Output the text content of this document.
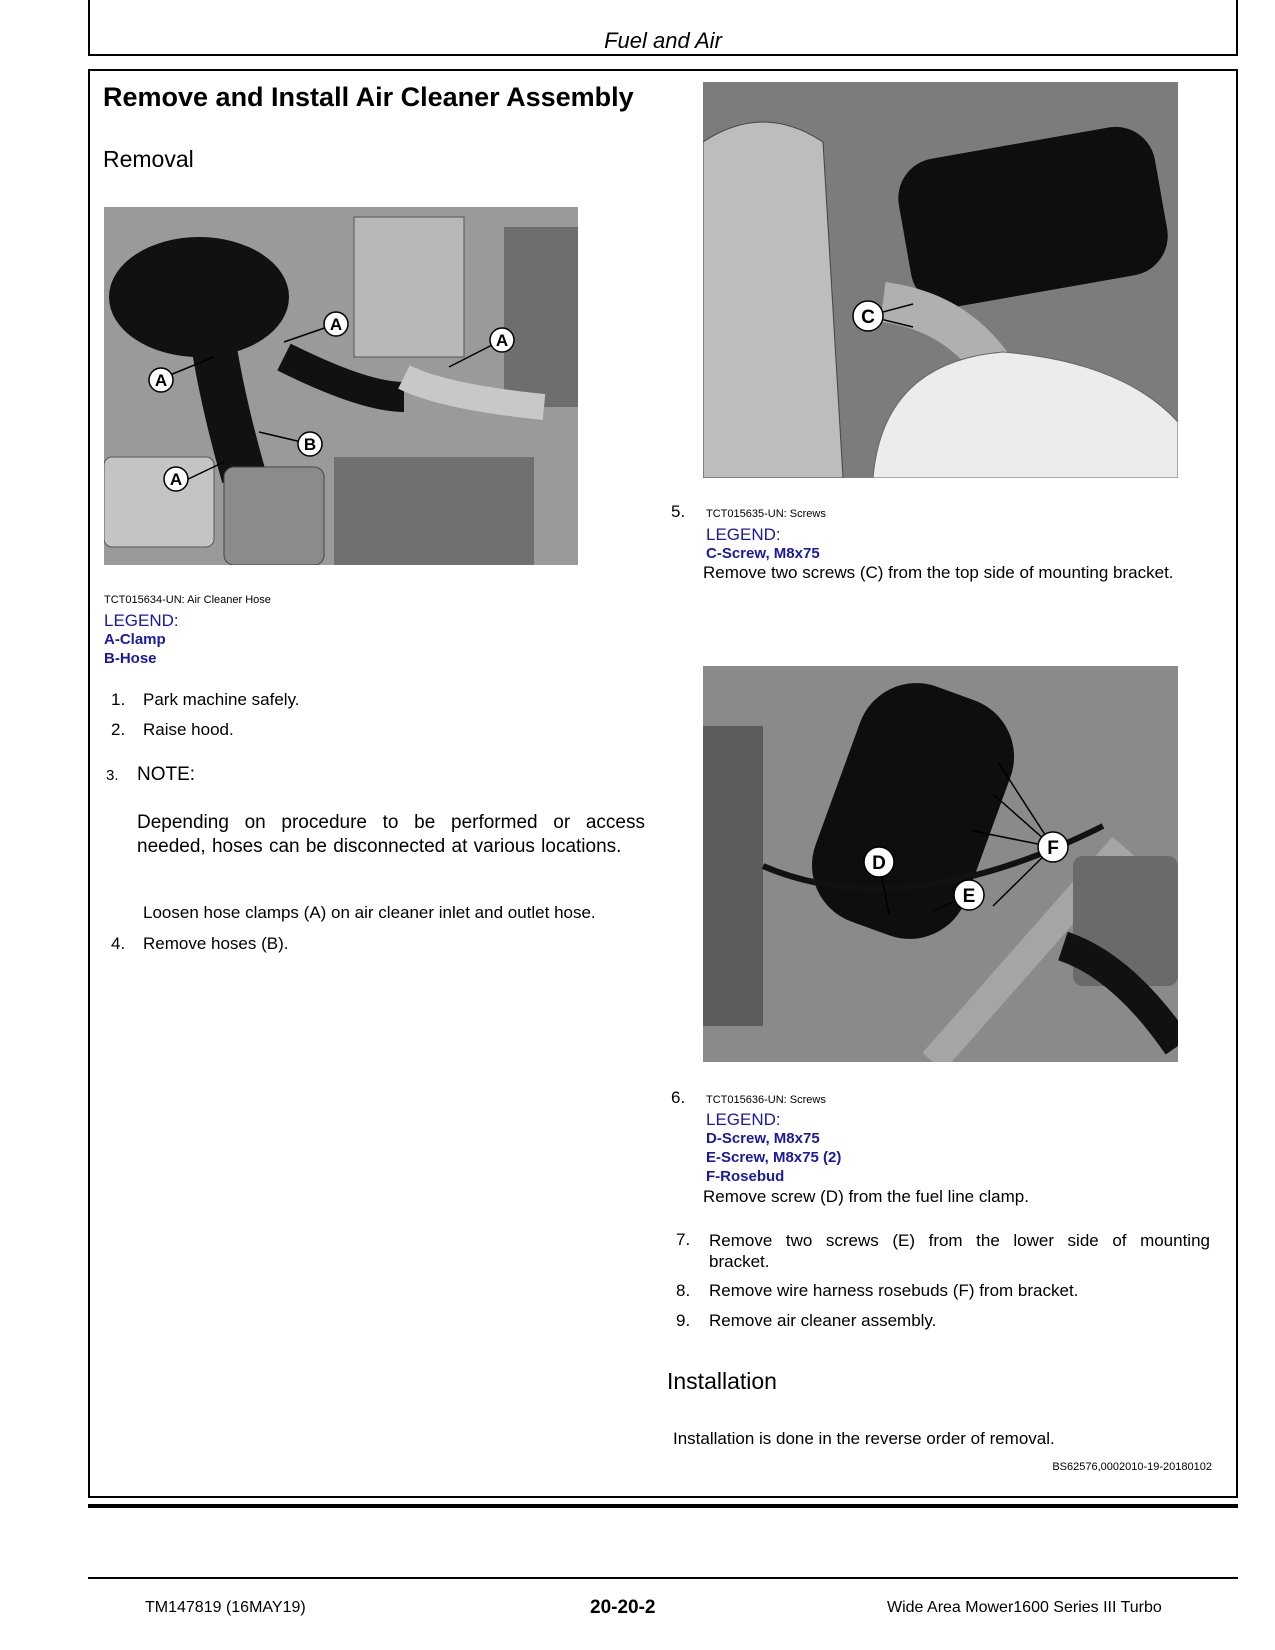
Fuel and Air
Remove and Install Air Cleaner Assembly
Removal
A
A
A
A
B
TCT015634-UN: Air Cleaner Hose
LEGEND:
A-Clamp
B-Hose
1. Park machine safely.
2. Raise hood.
3. NOTE:
Depending on procedure to be performed or access needed, hoses can be disconnected at various locations.
Loosen hose clamps (A) on air cleaner inlet and outlet hose.
4. Remove hoses (B).
C
5. TCT015635-UN: Screws
LEGEND:
C-Screw, M8x75
Remove two screws (C) from the top side of mounting bracket.
D
E
F
6. TCT015636-UN: Screws
LEGEND:
D-Screw, M8x75
E-Screw, M8x75 (2)
F-Rosebud
Remove screw (D) from the fuel line clamp.
7. Remove two screws (E) from the lower side of mounting bracket.
8. Remove wire harness rosebuds (F) from bracket.
9. Remove air cleaner assembly.
Installation
Installation is done in the reverse order of removal.
BS62576,0002010-19-20180102
TM147819 (16MAY19)	20-20-2	Wide Area Mower1600 Series III Turbo
